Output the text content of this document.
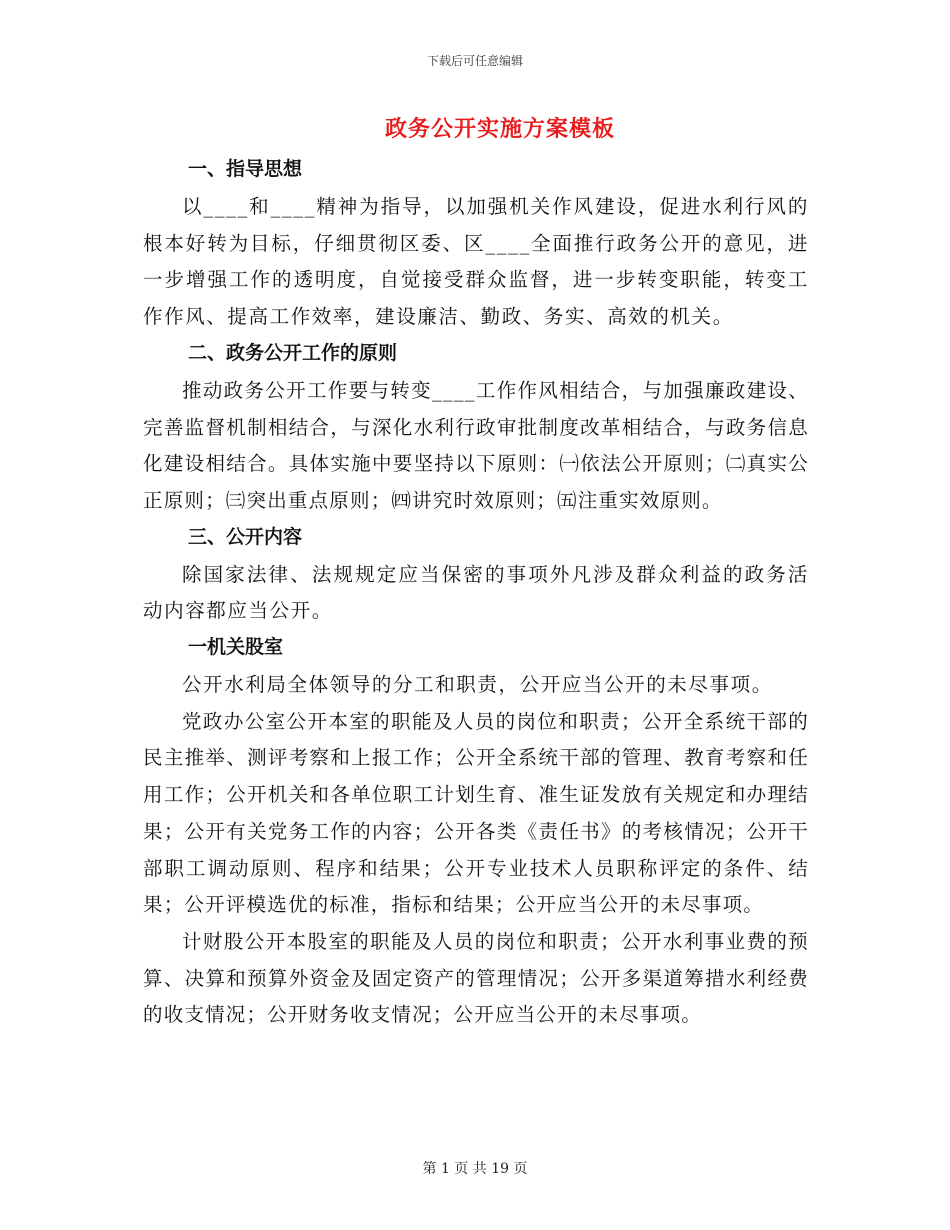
下载后可任意编辑
政务公开实施方案模板
一、指导思想

以____和____精神为指导，以加强机关作风建设，促进水利行风的根本好转为目标，仔细贯彻区委、区____全面推行政务公开的意见，进一步增强工作的透明度，自觉接受群众监督，进一步转变职能，转变工作作风、提高工作效率，建设廉洁、勤政、务实、高效的机关。

二、政务公开工作的原则

推动政务公开工作要与转变____工作作风相结合，与加强廉政建设、完善监督机制相结合，与深化水利行政审批制度改革相结合，与政务信息化建设相结合。具体实施中要坚持以下原则：㈠依法公开原则；㈡真实公正原则；㈢突出重点原则；㈣讲究时效原则；㈤注重实效原则。

三、公开内容

除国家法律、法规规定应当保密的事项外凡涉及群众利益的政务活动内容都应当公开。

一机关股室

公开水利局全体领导的分工和职责，公开应当公开的未尽事项。

党政办公室公开本室的职能及人员的岗位和职责；公开全系统干部的民主推举、测评考察和上报工作；公开全系统干部的管理、教育考察和任用工作；公开机关和各单位职工计划生育、准生证发放有关规定和办理结果；公开有关党务工作的内容；公开各类《责任书》的考核情况；公开干部职工调动原则、程序和结果；公开专业技术人员职称评定的条件、结果；公开评模选优的标准，指标和结果；公开应当公开的未尽事项。

计财股公开本股室的职能及人员的岗位和职责；公开水利事业费的预算、决算和预算外资金及固定资产的管理情况；公开多渠道筹措水利经费的收支情况；公开财务收支情况；公开应当公开的未尽事项。

第 1 页 共 19 页
